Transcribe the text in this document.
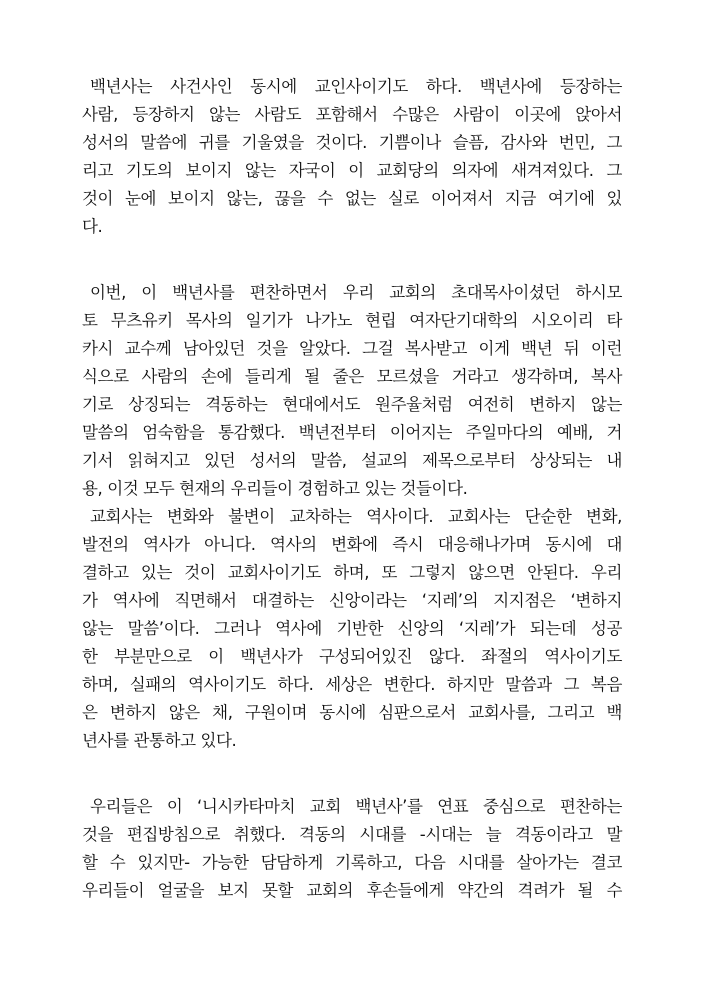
백년사는 사건사인 동시에 교인사이기도 하다. 백년사에 등장하는
사람, 등장하지 않는 사람도 포함해서 수많은 사람이 이곳에 앉아서
성서의 말씀에 귀를 기울였을 것이다. 기쁨이나 슬픔, 감사와 번민, 그
리고 기도의 보이지 않는 자국이 이 교회당의 의자에 새겨져있다. 그
것이 눈에 보이지 않는, 끊을 수 없는 실로 이어져서 지금 여기에 있
다.
이번, 이 백년사를 편찬하면서 우리 교회의 초대목사이셨던 하시모
토 무츠유키 목사의 일기가 나가노 현립 여자단기대학의 시오이리 타
카시 교수께 남아있던 것을 알았다. 그걸 복사받고 이게 백년 뒤 이런
식으로 사람의 손에 들리게 될 줄은 모르셨을 거라고 생각하며, 복사
기로 상징되는 격동하는 현대에서도 원주율처럼 여전히 변하지 않는
말씀의 엄숙함을 통감했다. 백년전부터 이어지는 주일마다의 예배, 거
기서 읽혀지고 있던 성서의 말씀, 설교의 제목으로부터 상상되는 내
용, 이것 모두 현재의 우리들이 경험하고 있는 것들이다.
교회사는 변화와 불변이 교차하는 역사이다. 교회사는 단순한 변화,
발전의 역사가 아니다. 역사의 변화에 즉시 대응해나가며 동시에 대
결하고 있는 것이 교회사이기도 하며, 또 그렇지 않으면 안된다. 우리
가 역사에 직면해서 대결하는 신앙이라는 ‘지레’의 지지점은 ‘변하지
않는 말씀’이다. 그러나 역사에 기반한 신앙의 ‘지레’가 되는데 성공
한 부분만으로 이 백년사가 구성되어있진 않다. 좌절의 역사이기도
하며, 실패의 역사이기도 하다. 세상은 변한다. 하지만 말씀과 그 복음
은 변하지 않은 채, 구원이며 동시에 심판으로서 교회사를, 그리고 백
년사를 관통하고 있다.
우리들은 이 ‘니시카타마치 교회 백년사’를 연표 중심으로 편찬하는
것을 편집방침으로 취했다. 격동의 시대를 -시대는 늘 격동이라고 말
할 수 있지만- 가능한 담담하게 기록하고, 다음 시대를 살아가는 결코
우리들이 얼굴을 보지 못할 교회의 후손들에게 약간의 격려가 될 수
